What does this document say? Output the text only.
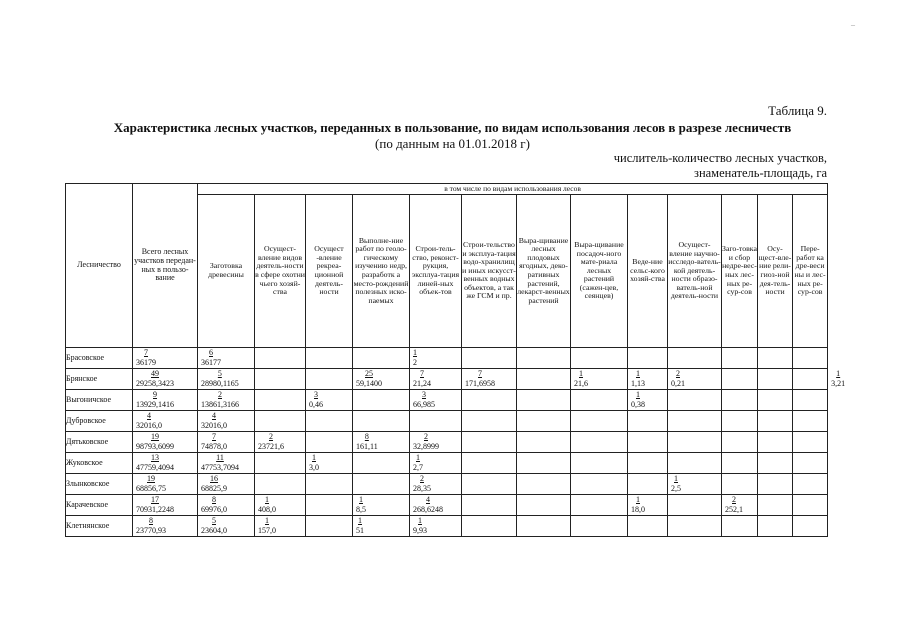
–
Таблица 9.
Характеристика лесных участков, переданных в пользование, по видам использования лесов в разрезе лесничеств
(по данным на 01.01.2018 г)
числитель-количество лесных участков,
знаменатель-площадь, га
Лесничество	Всего лесных участков передан-ных в пользо-вание	в том числе по видам использования лесов													
		Заготовка древесины	Осущест-вление видов деятель-ности в сфере охотни чьего хозяй-ства	Осущест -вление рекреа-ционной деятель-ности	Выполне-ние работ по геоло-гическому изучению недр, разработк а место-рождений полезных иско-паемых	Строи-тель-ство, реконст-рукция, эксплуа-тация линей-ных объек-тов	Строи-тельство и эксплуа-тация водо-хранилищ и иных искусст-венных водных объектов, а так же ГСМ и пр.	Выра-щивание лесных плодовых ягодных, деко-ративных растений, лекарст-венных растений	Выра-щивание посадоч-ного мате-риала лесных растений (сажен-цев, сеянцев)	Веде-ние сельс-кого хозяй-ства	Осущест-вление научно-исследо-ватель-кой деятель-ности образо-ватель-ной деятель-ности	Заго-товка и сбор недре-вес-ных лес-ных ре-сур-сов	Осу-щест-вле-ние рели-гиоз-ной дея-тель-ности	Пере-работ ка дре-веси ны и лес-ных ре-сур-сов	
Брасовское	$\frac{7}{36179}$	$\frac{6}{36177}$				$\frac{1}{2}$

Брянское	$\frac{49}{29258,3423}$	$\frac{5}{28980,1165}$			$\frac{25}{59,1400}$	$\frac{7}{21,24}$	$\frac{7}{171,6958}$		$\frac{1}{21,6}$	$\frac{1}{1,13}$	$\frac{2}{0,21}$				$\frac{1}{3,21}$

Выгоничское	$\frac{9}{13929,1416}$	$\frac{2}{13861,3166}$		$\frac{3}{0,46}$		$\frac{3}{66,985}$				$\frac{1}{0,38}$

Дубровское	$\frac{4}{32016,0}$	$\frac{4}{32016,0}$

Дятьковское	$\frac{19}{98793,6099}$	$\frac{7}{74878,0}$	$\frac{2}{23721,6}$		$\frac{8}{161,11}$	$\frac{2}{32,8999}$

Жуковское	$\frac{13}{47759,4094}$	$\frac{11}{47753,7094}$		$\frac{1}{3,0}$		$\frac{1}{2,7}$

Злынковское	$\frac{19}{68856,75}$	$\frac{16}{68825,9}$				$\frac{2}{28,35}$					$\frac{1}{2,5}$

Карачевское	$\frac{17}{70931,2248}$	$\frac{8}{69976,0}$	$\frac{1}{408,0}$		$\frac{1}{8,5}$	$\frac{4}{268,6248}$				$\frac{1}{18,0}$		$\frac{2}{252,1}$

Клетнянское	$\frac{8}{23770,93}$	$\frac{5}{23604,0}$	$\frac{1}{157,0}$		$\frac{1}{51}$	$\frac{1}{9,93}$
